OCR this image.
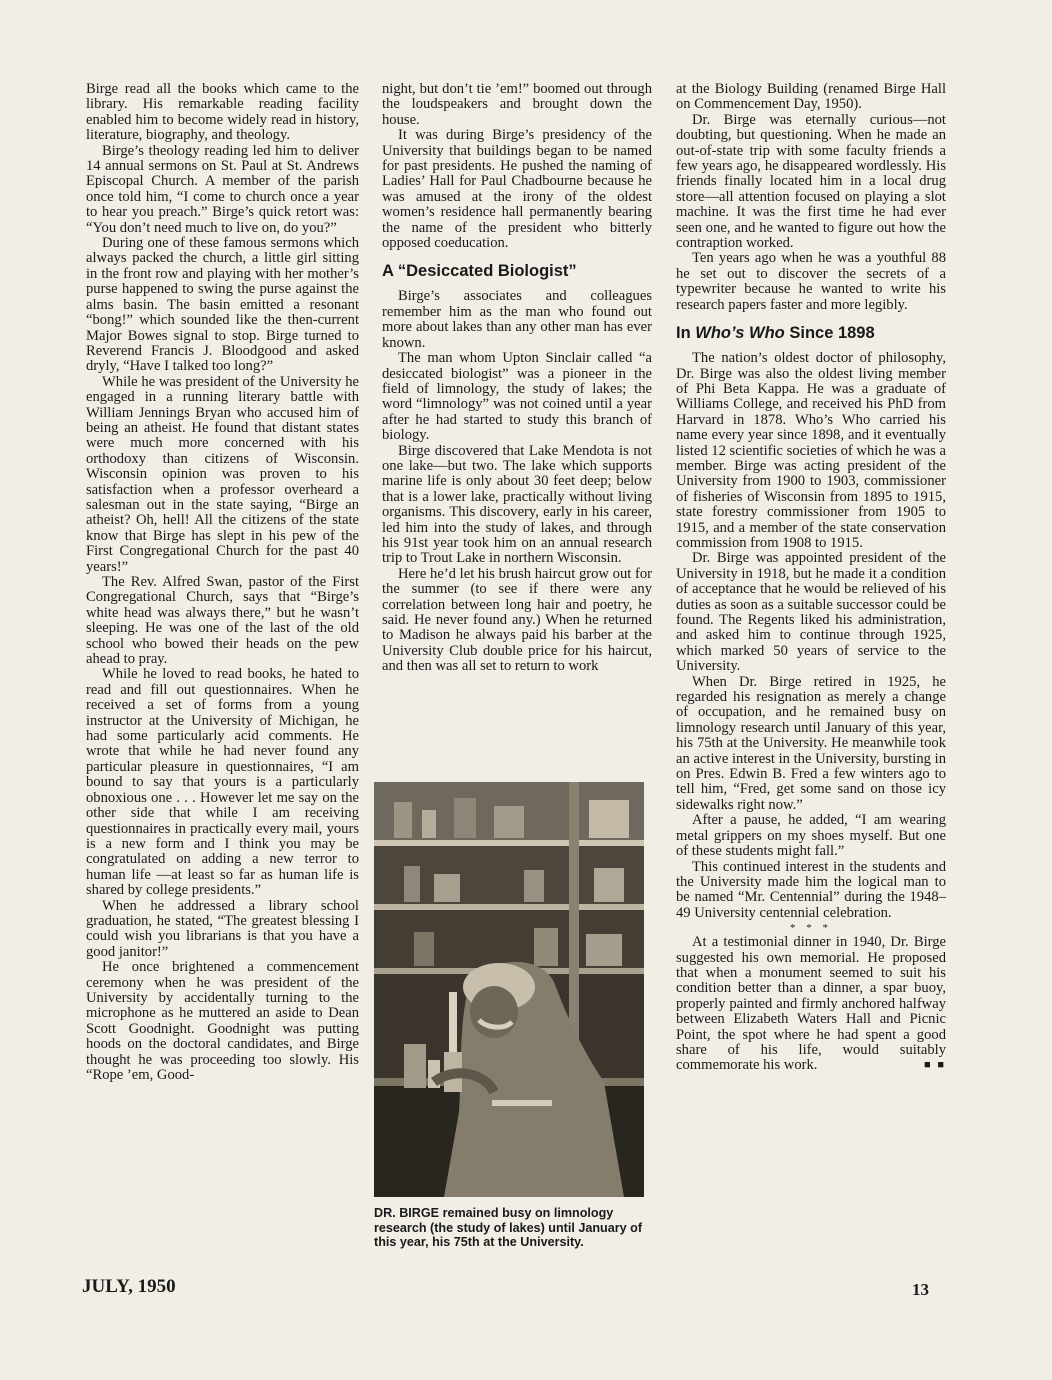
Birge read all the books which came to the library. His remarkable reading facility enabled him to become widely read in history, literature, biography, and theology.

Birge’s theology reading led him to deliver 14 annual sermons on St. Paul at St. Andrews Episcopal Church. A member of the parish once told him, “I come to church once a year to hear you preach.” Birge’s quick retort was: “You don’t need much to live on, do you?”

During one of these famous sermons which always packed the church, a little girl sitting in the front row and playing with her mother’s purse happened to swing the purse against the alms basin. The basin emitted a resonant “bong!” which sounded like the then-current Major Bowes signal to stop. Birge turned to Reverend Francis J. Bloodgood and asked dryly, “Have I talked too long?”

While he was president of the University he engaged in a running literary battle with William Jennings Bryan who accused him of being an atheist. He found that distant states were much more concerned with his orthodoxy than citizens of Wisconsin. Wisconsin opinion was proven to his satisfaction when a professor overheard a salesman out in the state saying, “Birge an atheist? Oh, hell! All the citizens of the state know that Birge has slept in his pew of the First Congregational Church for the past 40 years!”

The Rev. Alfred Swan, pastor of the First Congregational Church, says that “Birge’s white head was always there,” but he wasn’t sleeping. He was one of the last of the old school who bowed their heads on the pew ahead to pray.

While he loved to read books, he hated to read and fill out questionnaires. When he received a set of forms from a young instructor at the University of Michigan, he had some particularly acid comments. He wrote that while he had never found any particular pleasure in questionnaires, “I am bound to say that yours is a particularly obnoxious one . . . However let me say on the other side that while I am receiving questionnaires in practically every mail, yours is a new form and I think you may be congratulated on adding a new terror to human life —at least so far as human life is shared by college presidents.”

When he addressed a library school graduation, he stated, “The greatest blessing I could wish you librarians is that you have a good janitor!”

He once brightened a commencement ceremony when he was president of the University by accidentally turning to the microphone as he muttered an aside to Dean Scott Goodnight. Goodnight was putting hoods on the doctoral candidates, and Birge thought he was proceeding too slowly. His “Rope ’em, Good-

night, but don’t tie ’em!” boomed out through the loudspeakers and brought down the house.

It was during Birge’s presidency of the University that buildings began to be named for past presidents. He pushed the naming of Ladies’ Hall for Paul Chadbourne because he was amused at the irony of the oldest women’s residence hall permanently bearing the name of the president who bitterly opposed coeducation.

A “Desiccated Biologist”

Birge’s associates and colleagues remember him as the man who found out more about lakes than any other man has ever known.

The man whom Upton Sinclair called “a desiccated biologist” was a pioneer in the field of limnology, the study of lakes; the word “limnology” was not coined until a year after he had started to study this branch of biology.

Birge discovered that Lake Mendota is not one lake—but two. The lake which supports marine life is only about 30 feet deep; below that is a lower lake, practically without living organisms. This discovery, early in his career, led him into the study of lakes, and through his 91st year took him on an annual research trip to Trout Lake in northern Wisconsin.

Here he’d let his brush haircut grow out for the summer (to see if there were any correlation between long hair and poetry, he said. He never found any.) When he returned to Madison he always paid his barber at the University Club double price for his haircut, and then was all set to return to work

DR. BIRGE remained busy on limnology research (the study of lakes) until January of this year, his 75th at the University.

at the Biology Building (renamed Birge Hall on Commencement Day, 1950).

Dr. Birge was eternally curious—not doubting, but questioning. When he made an out-of-state trip with some faculty friends a few years ago, he disappeared wordlessly. His friends finally located him in a local drug store—all attention focused on playing a slot machine. It was the first time he had ever seen one, and he wanted to figure out how the contraption worked.

Ten years ago when he was a youthful 88 he set out to discover the secrets of a typewriter because he wanted to write his research papers faster and more legibly.

In Who’s Who Since 1898

The nation’s oldest doctor of philosophy, Dr. Birge was also the oldest living member of Phi Beta Kappa. He was a graduate of Williams College, and received his PhD from Harvard in 1878. Who’s Who carried his name every year since 1898, and it eventually listed 12 scientific societies of which he was a member. Birge was acting president of the University from 1900 to 1903, commissioner of fisheries of Wisconsin from 1895 to 1915, state forestry commissioner from 1905 to 1915, and a member of the state conservation commission from 1908 to 1915.

Dr. Birge was appointed president of the University in 1918, but he made it a condition of acceptance that he would be relieved of his duties as soon as a suitable successor could be found. The Regents liked his administration, and asked him to continue through 1925, which marked 50 years of service to the University.

When Dr. Birge retired in 1925, he regarded his resignation as merely a change of occupation, and he remained busy on limnology research until January of this year, his 75th at the University. He meanwhile took an active interest in the University, bursting in on Pres. Edwin B. Fred a few winters ago to tell him, “Fred, get some sand on those icy sidewalks right now.”

After a pause, he added, “I am wearing metal grippers on my shoes myself. But one of these students might fall.”

This continued interest in the students and the University made him the logical man to be named “Mr. Centennial” during the 1948–49 University centennial celebration.

* * *

At a testimonial dinner in 1940, Dr. Birge suggested his own memorial. He proposed that when a monument seemed to suit his condition better than a dinner, a spar buoy, properly painted and firmly anchored halfway between Elizabeth Waters Hall and Picnic Point, the spot where he had spent a good share of his life, would suitably commemorate his work.	■ ■

JULY, 1950	13
